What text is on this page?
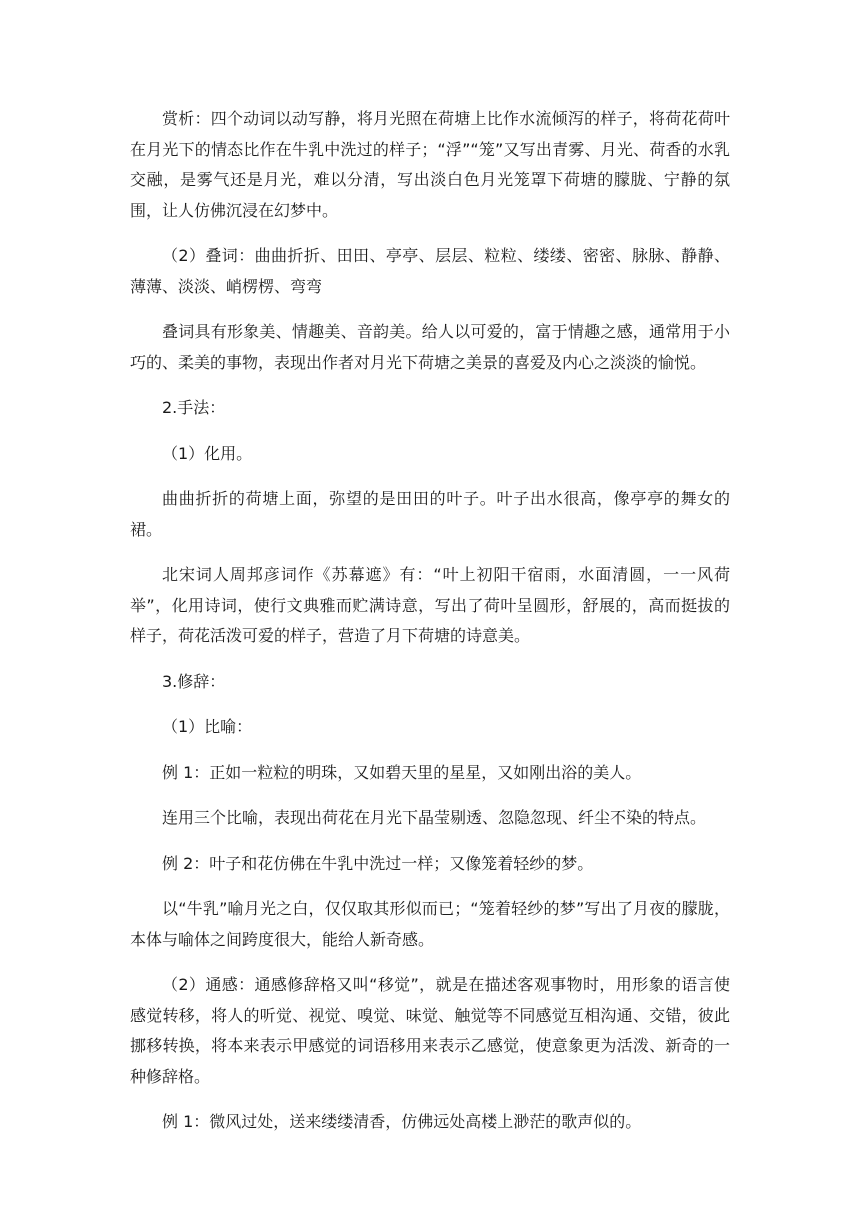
赏析：四个动词以动写静，将月光照在荷塘上比作水流倾泻的样子，将荷花荷叶在月光下的情态比作在牛乳中洗过的样子；“浮”“笼”又写出青雾、月光、荷香的水乳交融，是雾气还是月光，难以分清，写出淡白色月光笼罩下荷塘的朦胧、宁静的氛围，让人仿佛沉浸在幻梦中。

（2）叠词：曲曲折折、田田、亭亭、层层、粒粒、缕缕、密密、脉脉、静静、薄薄、淡淡、峭楞楞、弯弯

叠词具有形象美、情趣美、音韵美。给人以可爱的，富于情趣之感，通常用于小巧的、柔美的事物，表现出作者对月光下荷塘之美景的喜爱及内心之淡淡的愉悦。

2.手法：

（1）化用。

曲曲折折的荷塘上面，弥望的是田田的叶子。叶子出水很高，像亭亭的舞女的裙。

北宋词人周邦彦词作《苏幕遮》有：“叶上初阳干宿雨，水面清圆，一一风荷举”，化用诗词，使行文典雅而贮满诗意，写出了荷叶呈圆形，舒展的，高而挺拔的样子，荷花活泼可爱的样子，营造了月下荷塘的诗意美。

3.修辞：

（1）比喻：

例 1：正如一粒粒的明珠，又如碧天里的星星，又如刚出浴的美人。

连用三个比喻，表现出荷花在月光下晶莹剔透、忽隐忽现、纤尘不染的特点。

例 2：叶子和花仿佛在牛乳中洗过一样；又像笼着轻纱的梦。

以“牛乳”喻月光之白，仅仅取其形似而已；“笼着轻纱的梦”写出了月夜的朦胧，本体与喻体之间跨度很大，能给人新奇感。

（2）通感：通感修辞格又叫“移觉”，就是在描述客观事物时，用形象的语言使感觉转移，将人的听觉、视觉、嗅觉、味觉、触觉等不同感觉互相沟通、交错，彼此挪移转换，将本来表示甲感觉的词语移用来表示乙感觉，使意象更为活泼、新奇的一种修辞格。

例 1：微风过处，送来缕缕清香，仿佛远处高楼上渺茫的歌声似的。
